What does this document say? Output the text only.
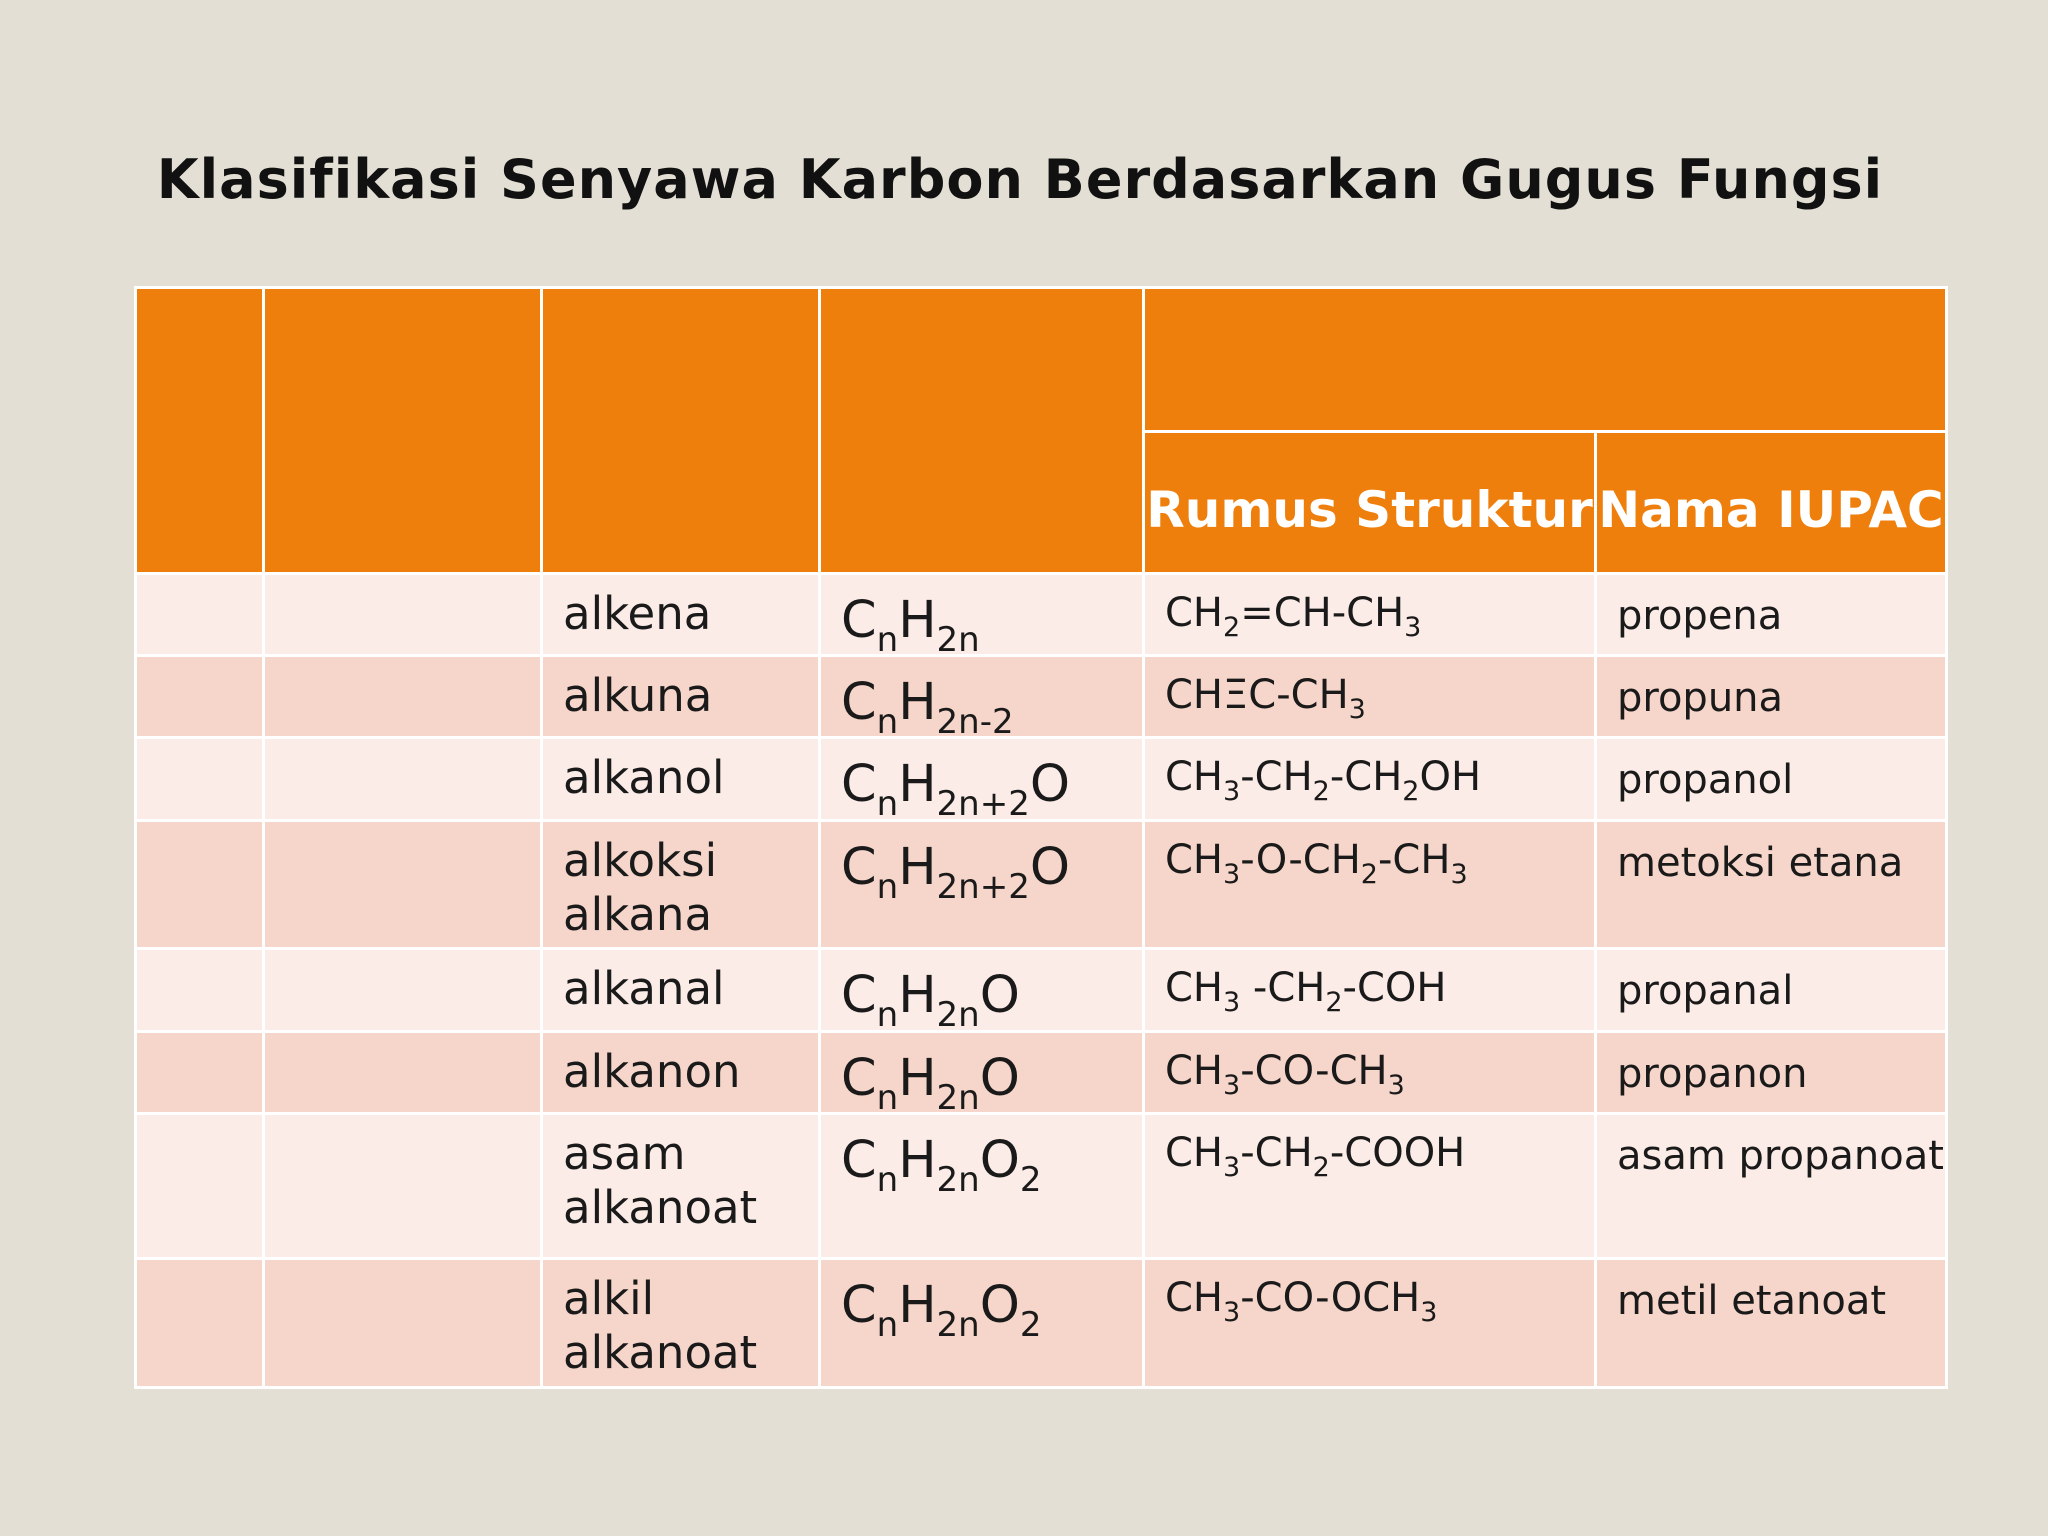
Klasifikasi Senyawa Karbon Berdasarkan Gugus Fungsi

				Rumus Struktur	Nama IUPAC
		alkena	$C_nH_{2n}$	$CH_2=CH-CH_3$	propena
		alkuna	$C_nH_{2n-2}$	CHΞC-$CH_3$	propuna
		alkanol	$C_nH_{2n+2}O$	$CH_3-CH_2-CH_2OH$	propanol
		alkoksi alkana	$C_nH_{2n+2}O$	$CH_3-O-CH_2-CH_3$	metoksi etana
		alkanal	$C_nH_{2n}O$	$CH_3$ $-CH_2$-COH	propanal
		alkanon	$C_nH_{2n}O$	$CH_3-CO-CH_3$	propanon
		asam alkanoat	$C_nH_{2n}O_2$	$CH_3-CH_2$-COOH	asam propanoat
		alkil alkanoat	$C_nH_{2n}O_2$	$CH_3-CO-OCH_3$	metil etanoat
